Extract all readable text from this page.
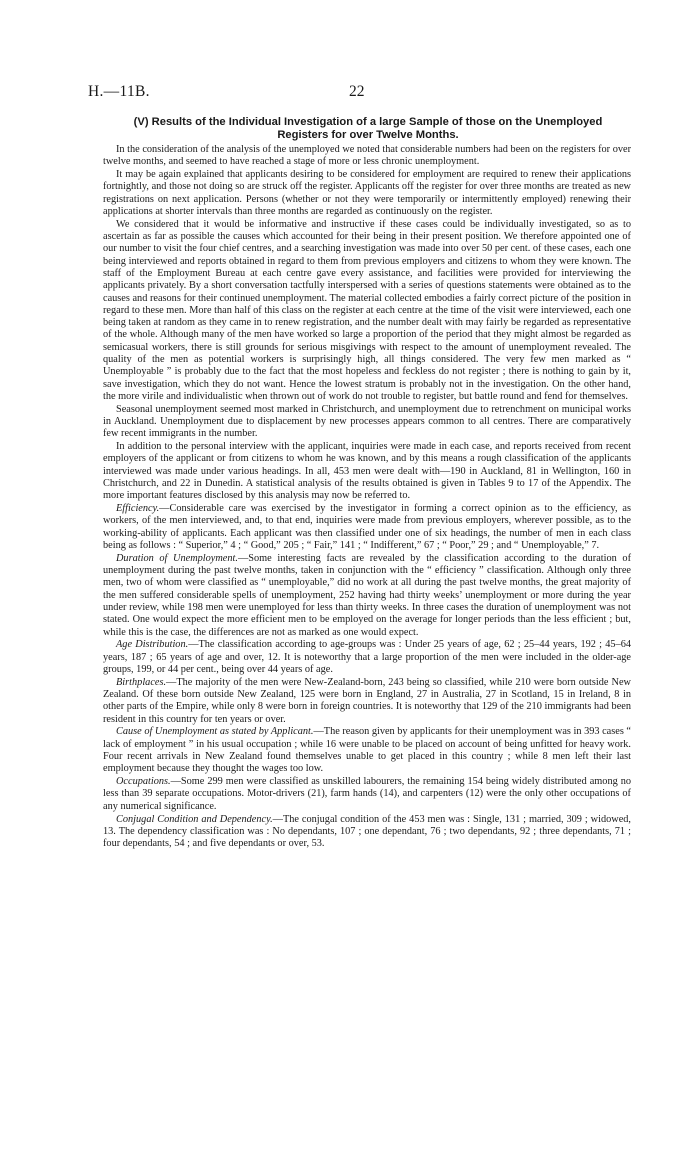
H.—11B.	22
(V) Results of the Individual Investigation of a large Sample of those on the Unemployed
Registers for over Twelve Months.

In the consideration of the analysis of the unemployed we noted that considerable numbers had been on the registers for over twelve months, and seemed to have reached a stage of more or less chronic unemployment.

It may be again explained that applicants desiring to be considered for employment are required to renew their applications fortnightly, and those not doing so are struck off the register. Applicants off the register for over three months are treated as new registrations on next application. Persons (whether or not they were temporarily or intermittently employed) renewing their applications at shorter intervals than three months are regarded as continuously on the register.

We considered that it would be informative and instructive if these cases could be individually investigated, so as to ascertain as far as possible the causes which accounted for their being in their present position. We therefore appointed one of our number to visit the four chief centres, and a searching investigation was made into over 50 per cent. of these cases, each one being interviewed and reports obtained in regard to them from previous employers and citizens to whom they were known. The staff of the Employment Bureau at each centre gave every assistance, and facilities were provided for interviewing the applicants privately. By a short conversation tactfully interspersed with a series of questions statements were obtained as to the causes and reasons for their continued unemployment. The material collected embodies a fairly correct picture of the position in regard to these men. More than half of this class on the register at each centre at the time of the visit were interviewed, each one being taken at random as they came in to renew registration, and the number dealt with may fairly be regarded as representative of the whole. Although many of the men have worked so large a proportion of the period that they might almost be regarded as semicasual workers, there is still grounds for serious misgivings with respect to the amount of unemployment revealed. The quality of the men as potential workers is surprisingly high, all things considered. The very few men marked as “ Unemployable ” is probably due to the fact that the most hopeless and feckless do not register ; there is nothing to gain by it, save investigation, which they do not want. Hence the lowest stratum is probably not in the investigation. On the other hand, the more virile and individualistic when thrown out of work do not trouble to register, but battle round and fend for themselves.

Seasonal unemployment seemed most marked in Christchurch, and unemployment due to retrenchment on municipal works in Auckland. Unemployment due to displacement by new processes appears common to all centres. There are comparatively few recent immigrants in the number.

In addition to the personal interview with the applicant, inquiries were made in each case, and reports received from recent employers of the applicant or from citizens to whom he was known, and by this means a rough classification of the applicants interviewed was made under various headings. In all, 453 men were dealt with—190 in Auckland, 81 in Wellington, 160 in Christchurch, and 22 in Dunedin. A statistical analysis of the results obtained is given in Tables 9 to 17 of the Appendix. The more important features disclosed by this analysis may now be referred to.

Efficiency.—Considerable care was exercised by the investigator in forming a correct opinion as to the efficiency, as workers, of the men interviewed, and, to that end, inquiries were made from previous employers, wherever possible, as to the working-ability of applicants. Each applicant was then classified under one of six headings, the number of men in each class being as follows : “ Superior,” 4 ; “ Good,” 205 ; “ Fair,” 141 ; “ Indifferent,” 67 ; “ Poor,” 29 ; and “ Unemployable,” 7.

Duration of Unemployment.—Some interesting facts are revealed by the classification according to the duration of unemployment during the past twelve months, taken in conjunction with the “ efficiency ” classification. Although only three men, two of whom were classified as “ unemployable,” did no work at all during the past twelve months, the great majority of the men suffered considerable spells of unemployment, 252 having had thirty weeks’ unemployment or more during the year under review, while 198 men were unemployed for less than thirty weeks. In three cases the duration of unemployment was not stated. One would expect the more efficient men to be employed on the average for longer periods than the less efficient ; but, while this is the case, the differences are not as marked as one would expect.

Age Distribution.—The classification according to age-groups was : Under 25 years of age, 62 ; 25–44 years, 192 ; 45–64 years, 187 ; 65 years of age and over, 12. It is noteworthy that a large proportion of the men were included in the older-age groups, 199, or 44 per cent., being over 44 years of age.

Birthplaces.—The majority of the men were New-Zealand-born, 243 being so classified, while 210 were born outside New Zealand. Of these born outside New Zealand, 125 were born in England, 27 in Australia, 27 in Scotland, 15 in Ireland, 8 in other parts of the Empire, while only 8 were born in foreign countries. It is noteworthy that 129 of the 210 immigrants had been resident in this country for ten years or over.

Cause of Unemployment as stated by Applicant.—The reason given by applicants for their unemployment was in 393 cases “ lack of employment ” in his usual occupation ; while 16 were unable to be placed on account of being unfitted for heavy work. Four recent arrivals in New Zealand found themselves unable to get placed in this country ; while 8 men left their last employment because they thought the wages too low.

Occupations.—Some 299 men were classified as unskilled labourers, the remaining 154 being widely distributed among no less than 39 separate occupations. Motor-drivers (21), farm hands (14), and carpenters (12) were the only other occupations of any numerical significance.

Conjugal Condition and Dependency.—The conjugal condition of the 453 men was : Single, 131 ; married, 309 ; widowed, 13. The dependency classification was : No dependants, 107 ; one dependant, 76 ; two dependants, 92 ; three dependants, 71 ; four dependants, 54 ; and five dependants or over, 53.
